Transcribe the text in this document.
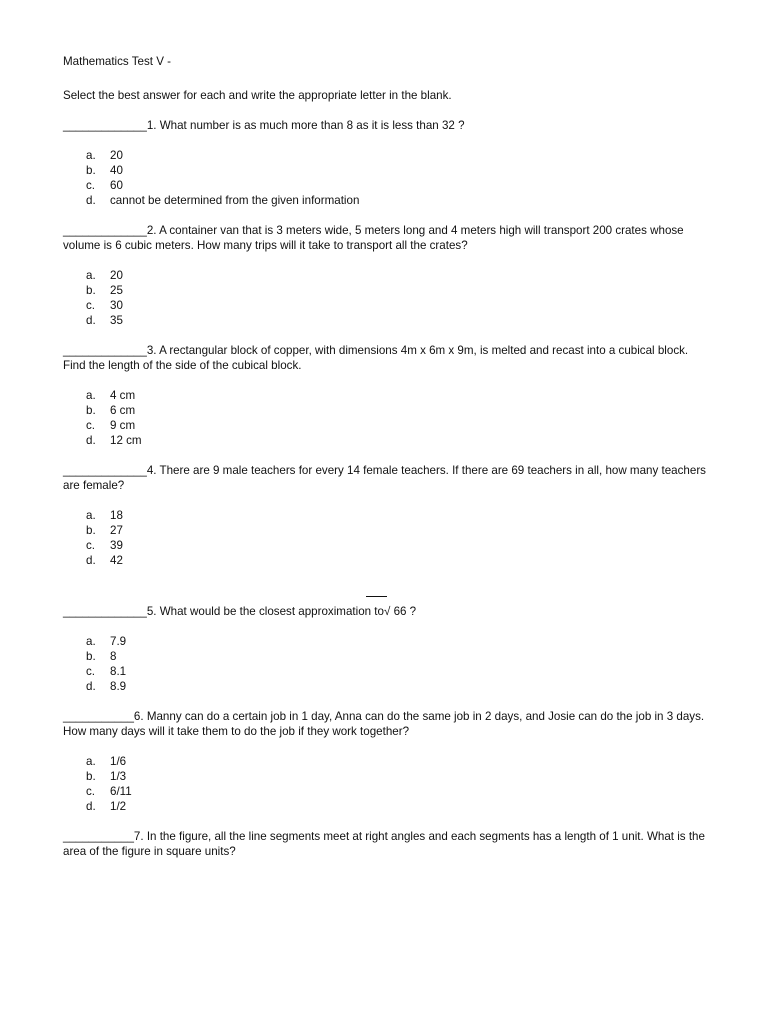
Mathematics Test V -
Select the best answer for each and write the appropriate letter in the blank.
_____________1. What number is as much more than 8 as it is less than 32 ?
a.	20
b.	40
c.	60
d.	cannot be determined from the given information
_____________2. A container van that is 3 meters wide, 5 meters long and 4 meters high will transport 200 crates whose volume is 6 cubic meters. How many trips will it take to transport all the crates?
a.	20
b.	25
c.	30
d.	35
_____________3. A rectangular block of copper, with dimensions 4m x 6m x 9m, is melted and recast into a cubical block. Find the length of the side of the cubical block.
a.	4 cm
b.	6 cm
c.	9 cm
d.	12 cm
_____________4. There are 9 male teachers for every 14 female teachers. If there are 69 teachers in all, how many teachers are female?
a.	18
b.	27
c.	39
d.	42
_____________5. What would be the closest approximation to√ 66 ?
a.	7.9
b.	8
c.	8.1
d.	8.9
___________6. Manny can do a certain job in 1 day, Anna can do the same job in 2 days, and Josie can do the job in 3 days. How many days will it take them to do the job if they work together?
a.	1/6
b.	1/3
c.	6/11
d.	1/2
___________7. In the figure, all the line segments meet at right angles and each segments has a length of 1 unit. What is the area of the figure in square units?
